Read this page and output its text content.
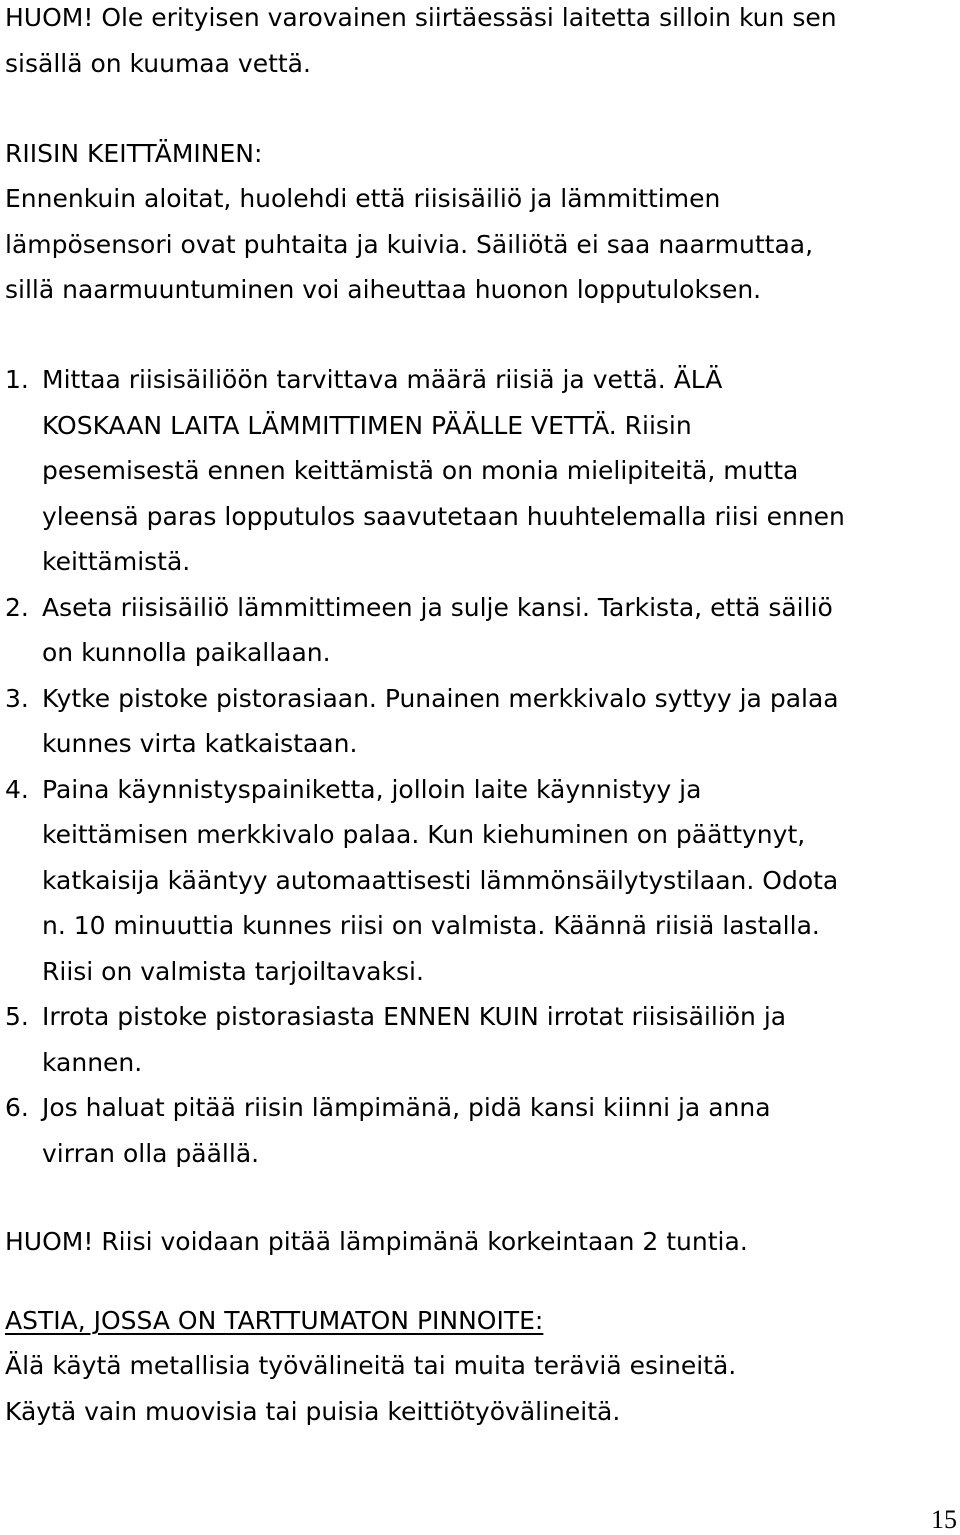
HUOM! Ole erityisen varovainen siirtäessäsi laitetta silloin kun sen
sisällä on kuumaa vettä.

RIISIN KEITTÄMINEN:

Ennenkuin aloitat, huolehdi että riisisäiliö ja lämmittimen
lämpösensori ovat puhtaita ja kuivia. Säiliötä ei saa naarmuttaa,
sillä naarmuuntuminen voi aiheuttaa huonon lopputuloksen.

1. Mittaa riisisäiliöön tarvittava määrä riisiä ja vettä. ÄLÄ
KOSKAAN LAITA LÄMMITTIMEN PÄÄLLE VETTÄ. Riisin
pesemisestä ennen keittämistä on monia mielipiteitä, mutta
yleensä paras lopputulos saavutetaan huuhtelemalla riisi ennen
keittämistä.
2. Aseta riisisäiliö lämmittimeen ja sulje kansi. Tarkista, että säiliö
on kunnolla paikallaan.
3. Kytke pistoke pistorasiaan. Punainen merkkivalo syttyy ja palaa
kunnes virta katkaistaan.
4. Paina käynnistyspainiketta, jolloin laite käynnistyy ja
keittämisen merkkivalo palaa. Kun kiehuminen on päättynyt,
katkaisija kääntyy automaattisesti lämmönsäilytystilaan. Odota
n. 10 minuuttia kunnes riisi on valmista. Käännä riisiä lastalla.
Riisi on valmista tarjoiltavaksi.
5. Irrota pistoke pistorasiasta ENNEN KUIN irrotat riisisäiliön ja
kannen.
6. Jos haluat pitää riisin lämpimänä, pidä kansi kiinni ja anna
virran olla päällä.

HUOM! Riisi voidaan pitää lämpimänä korkeintaan 2 tuntia.

ASTIA, JOSSA ON TARTTUMATON PINNOITE:

Älä käytä metallisia työvälineitä tai muita teräviä esineitä.
Käytä vain muovisia tai puisia keittiötyövälineitä.

15
